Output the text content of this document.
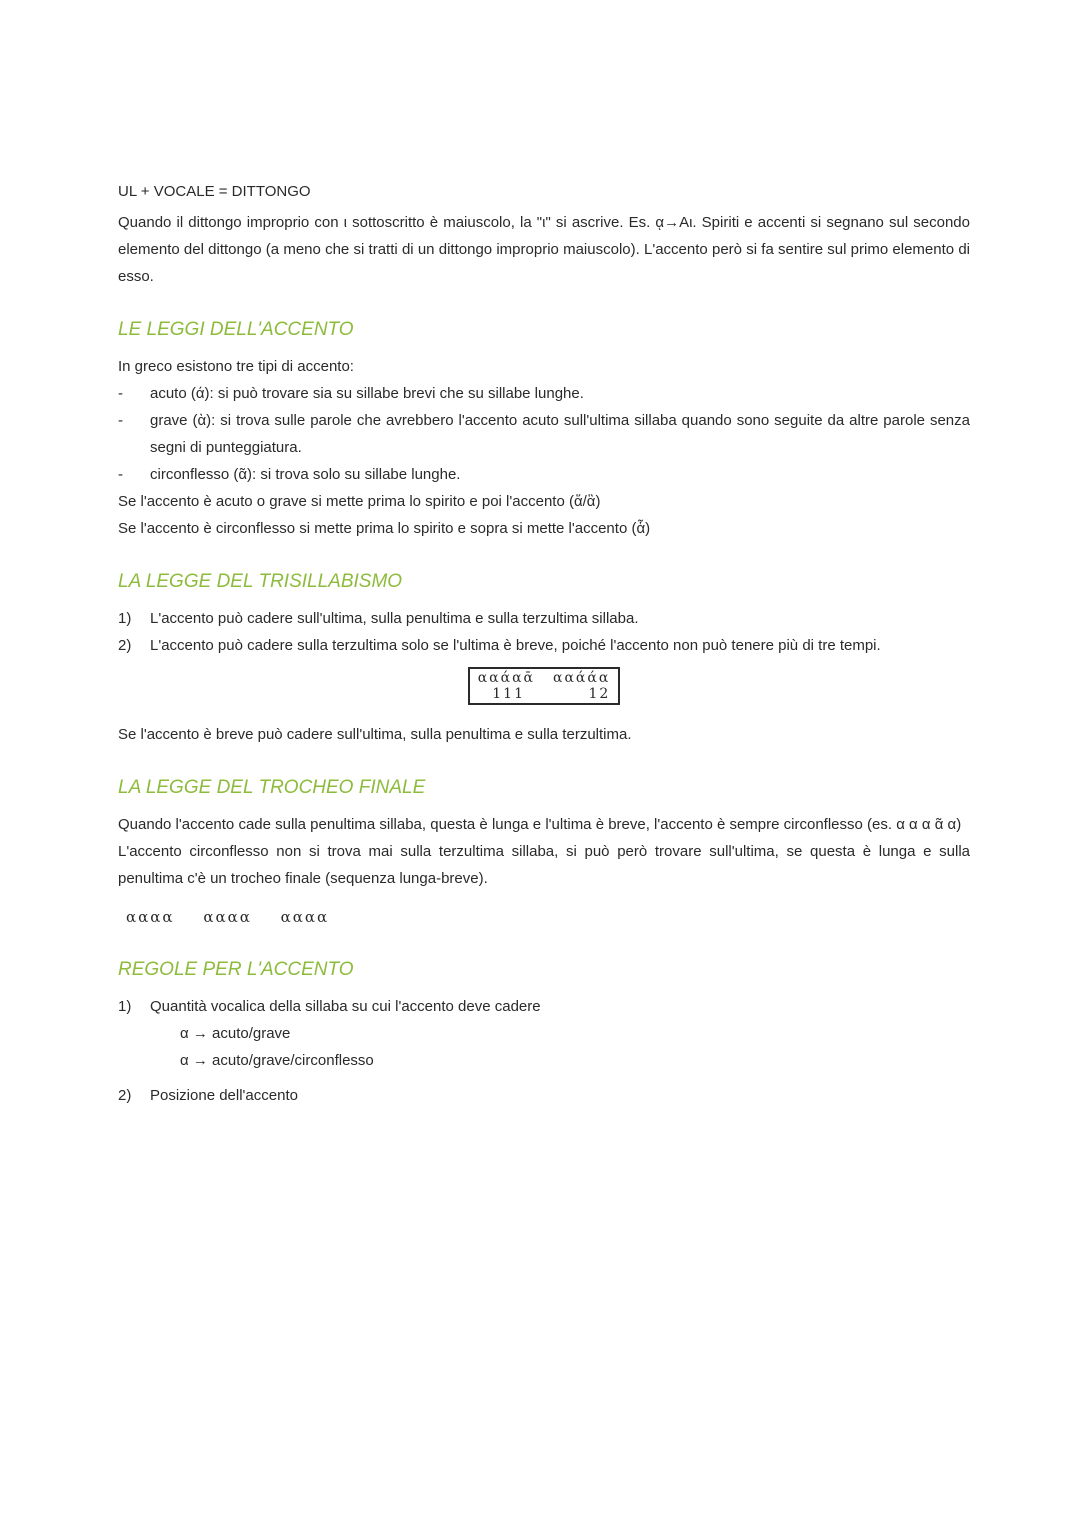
UL + VOCALE = DITTONGO

Quando il dittongo improprio con ι sottoscritto è maiuscolo, la "ι" si ascrive. Es. ᾳ→Aι. Spiriti e accenti si segnano sul secondo elemento del dittongo (a meno che si tratti di un dittongo improprio maiuscolo). L'accento però si fa sentire sul primo elemento di esso.

LE LEGGI DELL'ACCENTO

In greco esistono tre tipi di accento:

- acuto (ά): si può trovare sia su sillabe brevi che su sillabe lunghe.
- grave (ὰ): si trova sulle parole che avrebbero l'accento acuto sull'ultima sillaba quando sono seguite da altre parole senza segni di punteggiatura.
- circonflesso (ᾶ): si trova solo su sillabe lunghe.

Se l'accento è acuto o grave si mette prima lo spirito e poi l'accento (ἅ/ἃ)

Se l'accento è circonflesso si mette prima lo spirito e sopra si mette l'accento (ἇ)

LA LEGGE DEL TRISILLABISMO
1) L'accento può cadere sull'ultima, sulla penultima e sulla terzultima sillaba.
2) L'accento può cadere sulla terzultima solo se l'ultima è breve, poiché l'accento non può tenere più di tre tempi.
ααάαᾱ ααάάα
111	12

Se l'accento è breve può cadere sull'ultima, sulla penultima e sulla terzultima.

LA LEGGE DEL TROCHEO FINALE

Quando l'accento cade sulla penultima sillaba, questa è lunga e l'ultima è breve, l'accento è sempre circonflesso (es. α α α ᾶ α)

L'accento circonflesso non si trova mai sulla terzultima sillaba, si può però trovare sull'ultima, se questa è lunga e sulla penultima c'è un trocheo finale (sequenza lunga-breve).

αααα αααα αααα

REGOLE PER L'ACCENTO
1) Quantità vocalica della sillaba su cui l'accento deve cadere

α → acuto/grave

α → acuto/grave/circonflesso

2) Posizione dell'accento
